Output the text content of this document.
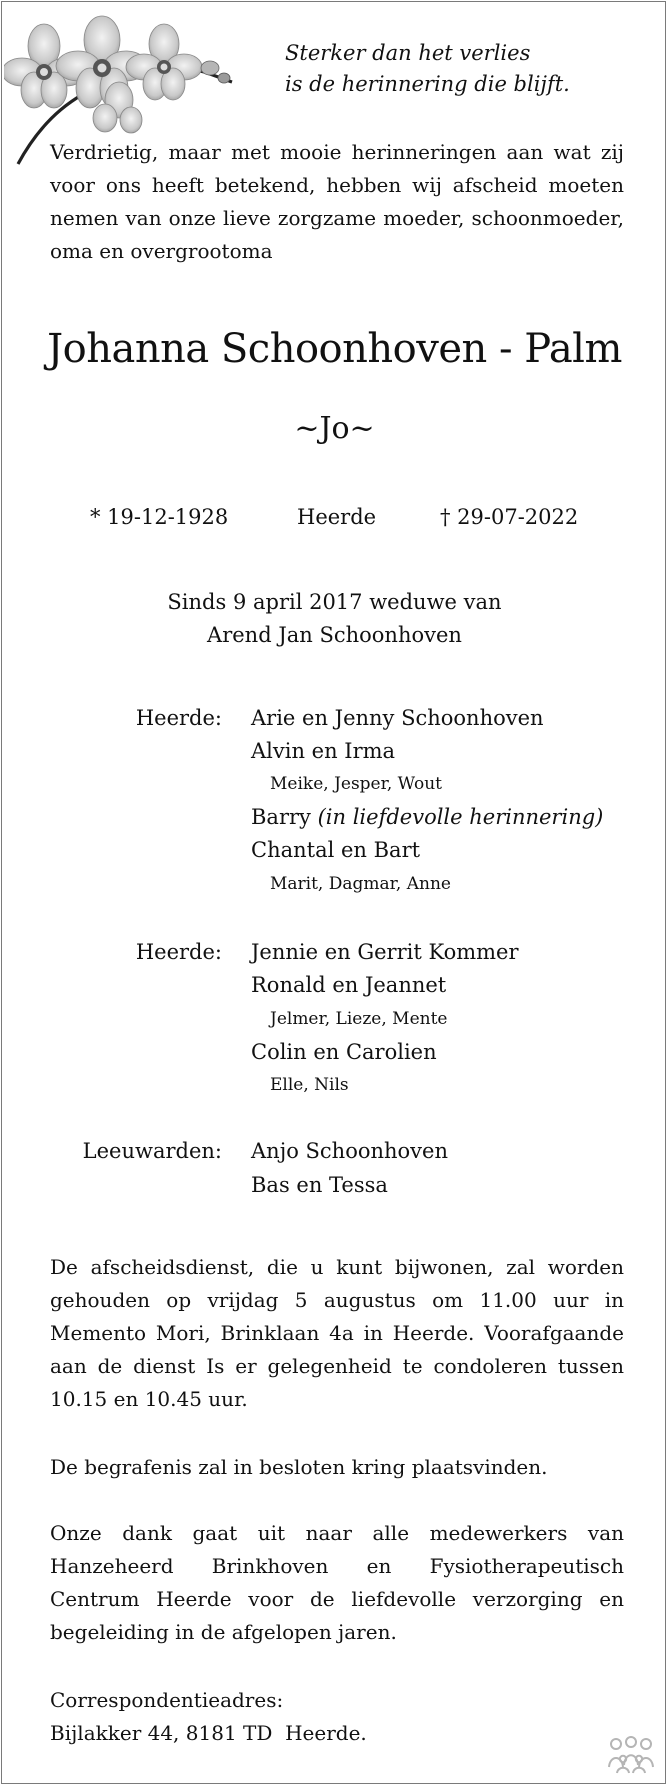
Sterker dan het verlies
is de herinnering die blijft.

Verdrietig, maar met mooie herinneringen aan wat zij voor ons heeft betekend, hebben wij afscheid moeten nemen van onze lieve zorgzame moeder, schoonmoeder, oma en overgrootoma

Johanna Schoonhoven - Palm
~Jo~
* 19-12-1928	Heerde	† 29-07-2022
Sinds 9 april 2017 weduwe van
Arend Jan Schoonhoven
Heerde: Arie en Jenny Schoonhoven
Alvin en Irma
Meike, Jesper, Wout
Barry (in liefdevolle herinnering)
Chantal en Bart
Marit, Dagmar, Anne
Heerde: Jennie en Gerrit Kommer
Ronald en Jeannet
Jelmer, Lieze, Mente
Colin en Carolien
Elle, Nils
Leeuwarden: Anjo Schoonhoven
Bas en Tessa

De afscheidsdienst, die u kunt bijwonen, zal worden gehouden op vrijdag 5 augustus om 11.00 uur in Memento Mori, Brinklaan 4a in Heerde. Voorafgaande aan de dienst Is er gelegenheid te condoleren tussen 10.15 en 10.45 uur.

De begrafenis zal in besloten kring plaatsvinden.

Onze dank gaat uit naar alle medewerkers van Hanzeheerd Brinkhoven en Fysiotherapeutisch Centrum Heerde voor de liefdevolle verzorging en begeleiding in de afgelopen jaren.

Correspondentieadres:
Bijlakker 44, 8181 TD  Heerde.
